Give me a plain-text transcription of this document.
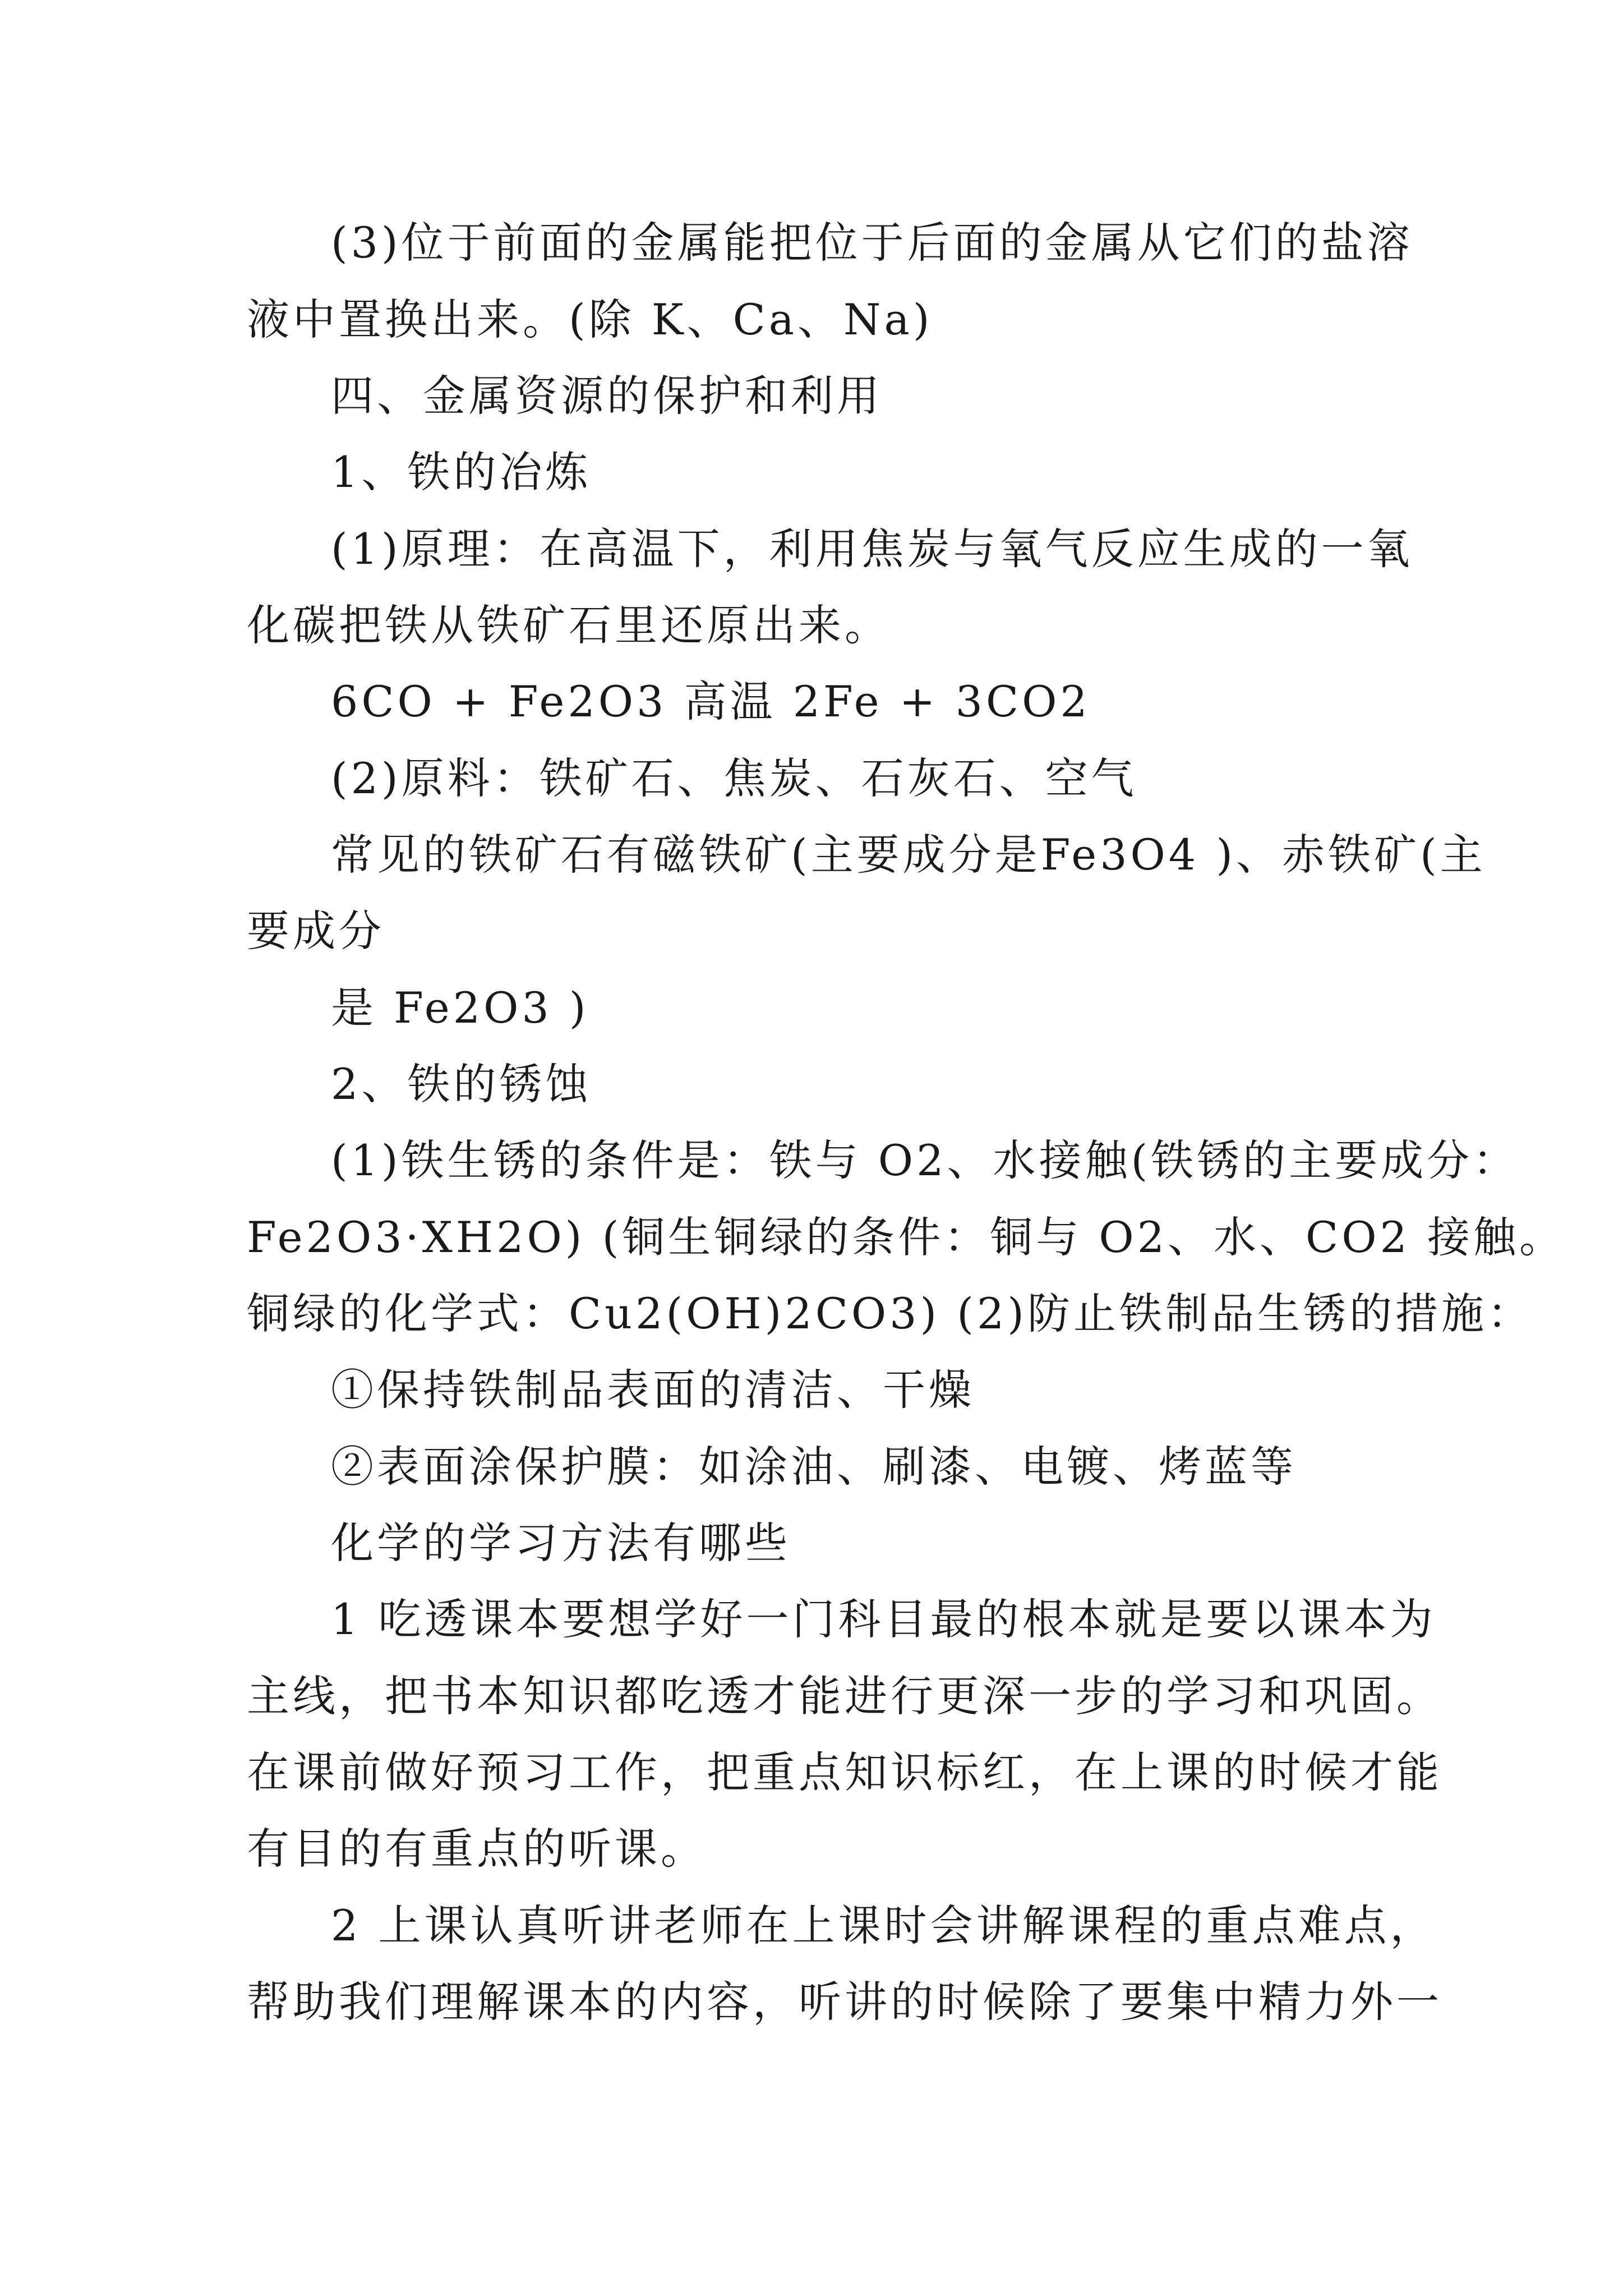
(3)位于前面的金属能把位于后面的金属从它们的盐溶
液中置换出来。(除 K、Ca、Na)
四、金属资源的保护和利用
1、铁的冶炼
(1)原理：在高温下，利用焦炭与氧气反应生成的一氧
化碳把铁从铁矿石里还原出来。
6CO + Fe2O3 高温 2Fe + 3CO2
(2)原料：铁矿石、焦炭、石灰石、空气
常见的铁矿石有磁铁矿(主要成分是Fe3O4 )、赤铁矿(主
要成分
是 Fe2O3 )
2、铁的锈蚀
(1)铁生锈的条件是：铁与 O2、水接触(铁锈的主要成分：
Fe2O3·XH2O) (铜生铜绿的条件：铜与 O2、水、CO2 接触。
铜绿的化学式：Cu2(OH)2CO3) (2)防止铁制品生锈的措施：
①保持铁制品表面的清洁、干燥
②表面涂保护膜：如涂油、刷漆、电镀、烤蓝等
化学的学习方法有哪些
1 吃透课本要想学好一门科目最的根本就是要以课本为
主线，把书本知识都吃透才能进行更深一步的学习和巩固。
在课前做好预习工作，把重点知识标红，在上课的时候才能
有目的有重点的听课。
2 上课认真听讲老师在上课时会讲解课程的重点难点，
帮助我们理解课本的内容，听讲的时候除了要集中精力外一
